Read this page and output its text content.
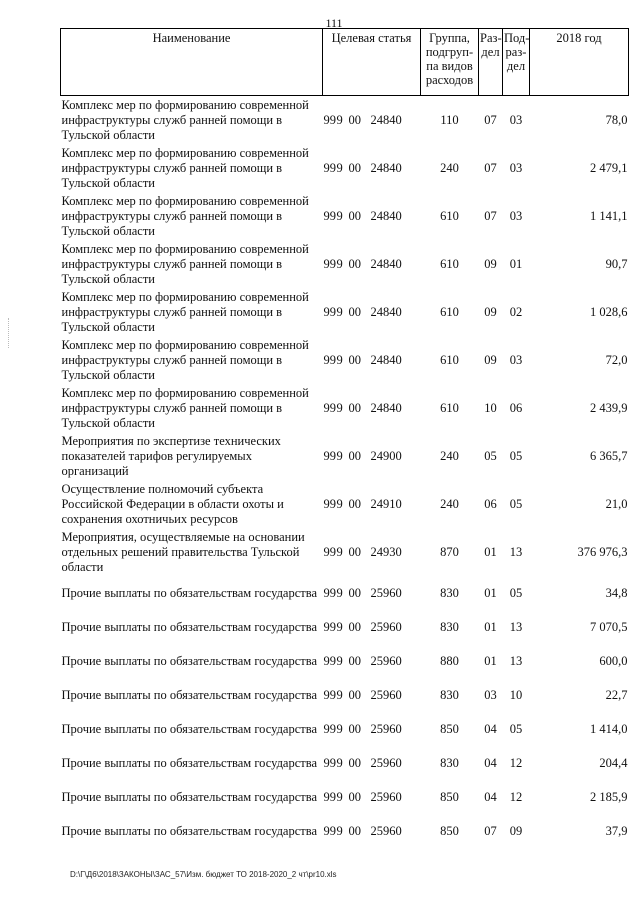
111
Наименование	Целевая статья	Группа, подгруп-па видов расходов	Раз-дел	Под-раз-дел	2018 год
Комплекс мер по формированию современной инфраструктуры служб ранней помощи в Тульской области	999 00 24840	110	07	03	78,0
Комплекс мер по формированию современной инфраструктуры служб ранней помощи в Тульской области	999 00 24840	240	07	03	2 479,1
Комплекс мер по формированию современной инфраструктуры служб ранней помощи в Тульской области	999 00 24840	610	07	03	1 141,1
Комплекс мер по формированию современной инфраструктуры служб ранней помощи в Тульской области	999 00 24840	610	09	01	90,7
Комплекс мер по формированию современной инфраструктуры служб ранней помощи в Тульской области	999 00 24840	610	09	02	1 028,6
Комплекс мер по формированию современной инфраструктуры служб ранней помощи в Тульской области	999 00 24840	610	09	03	72,0
Комплекс мер по формированию современной инфраструктуры служб ранней помощи в Тульской области	999 00 24840	610	10	06	2 439,9
Мероприятия по экспертизе технических показателей тарифов регулируемых организаций	999 00 24900	240	05	05	6 365,7
Осуществление полномочий субъекта Российской Федерации в области охоты и сохранения охотничьих ресурсов	999 00 24910	240	06	05	21,0
Мероприятия, осуществляемые на основании отдельных решений правительства Тульской области	999 00 24930	870	01	13	376 976,3
Прочие выплаты по обязательствам государства	999 00 25960	830	01	05	34,8
Прочие выплаты по обязательствам государства	999 00 25960	830	01	13	7 070,5
Прочие выплаты по обязательствам государства	999 00 25960	880	01	13	600,0
Прочие выплаты по обязательствам государства	999 00 25960	830	03	10	22,7
Прочие выплаты по обязательствам государства	999 00 25960	850	04	05	1 414,0
Прочие выплаты по обязательствам государства	999 00 25960	830	04	12	204,4
Прочие выплаты по обязательствам государства	999 00 25960	850	04	12	2 185,9
Прочие выплаты по обязательствам государства	999 00 25960	850	07	09	37,9
D:\Г\Д6\2018\ЗАКОНЫ\ЗАС_57\Изм. бюджет ТО 2018-2020_2 чт\pr10.xls
